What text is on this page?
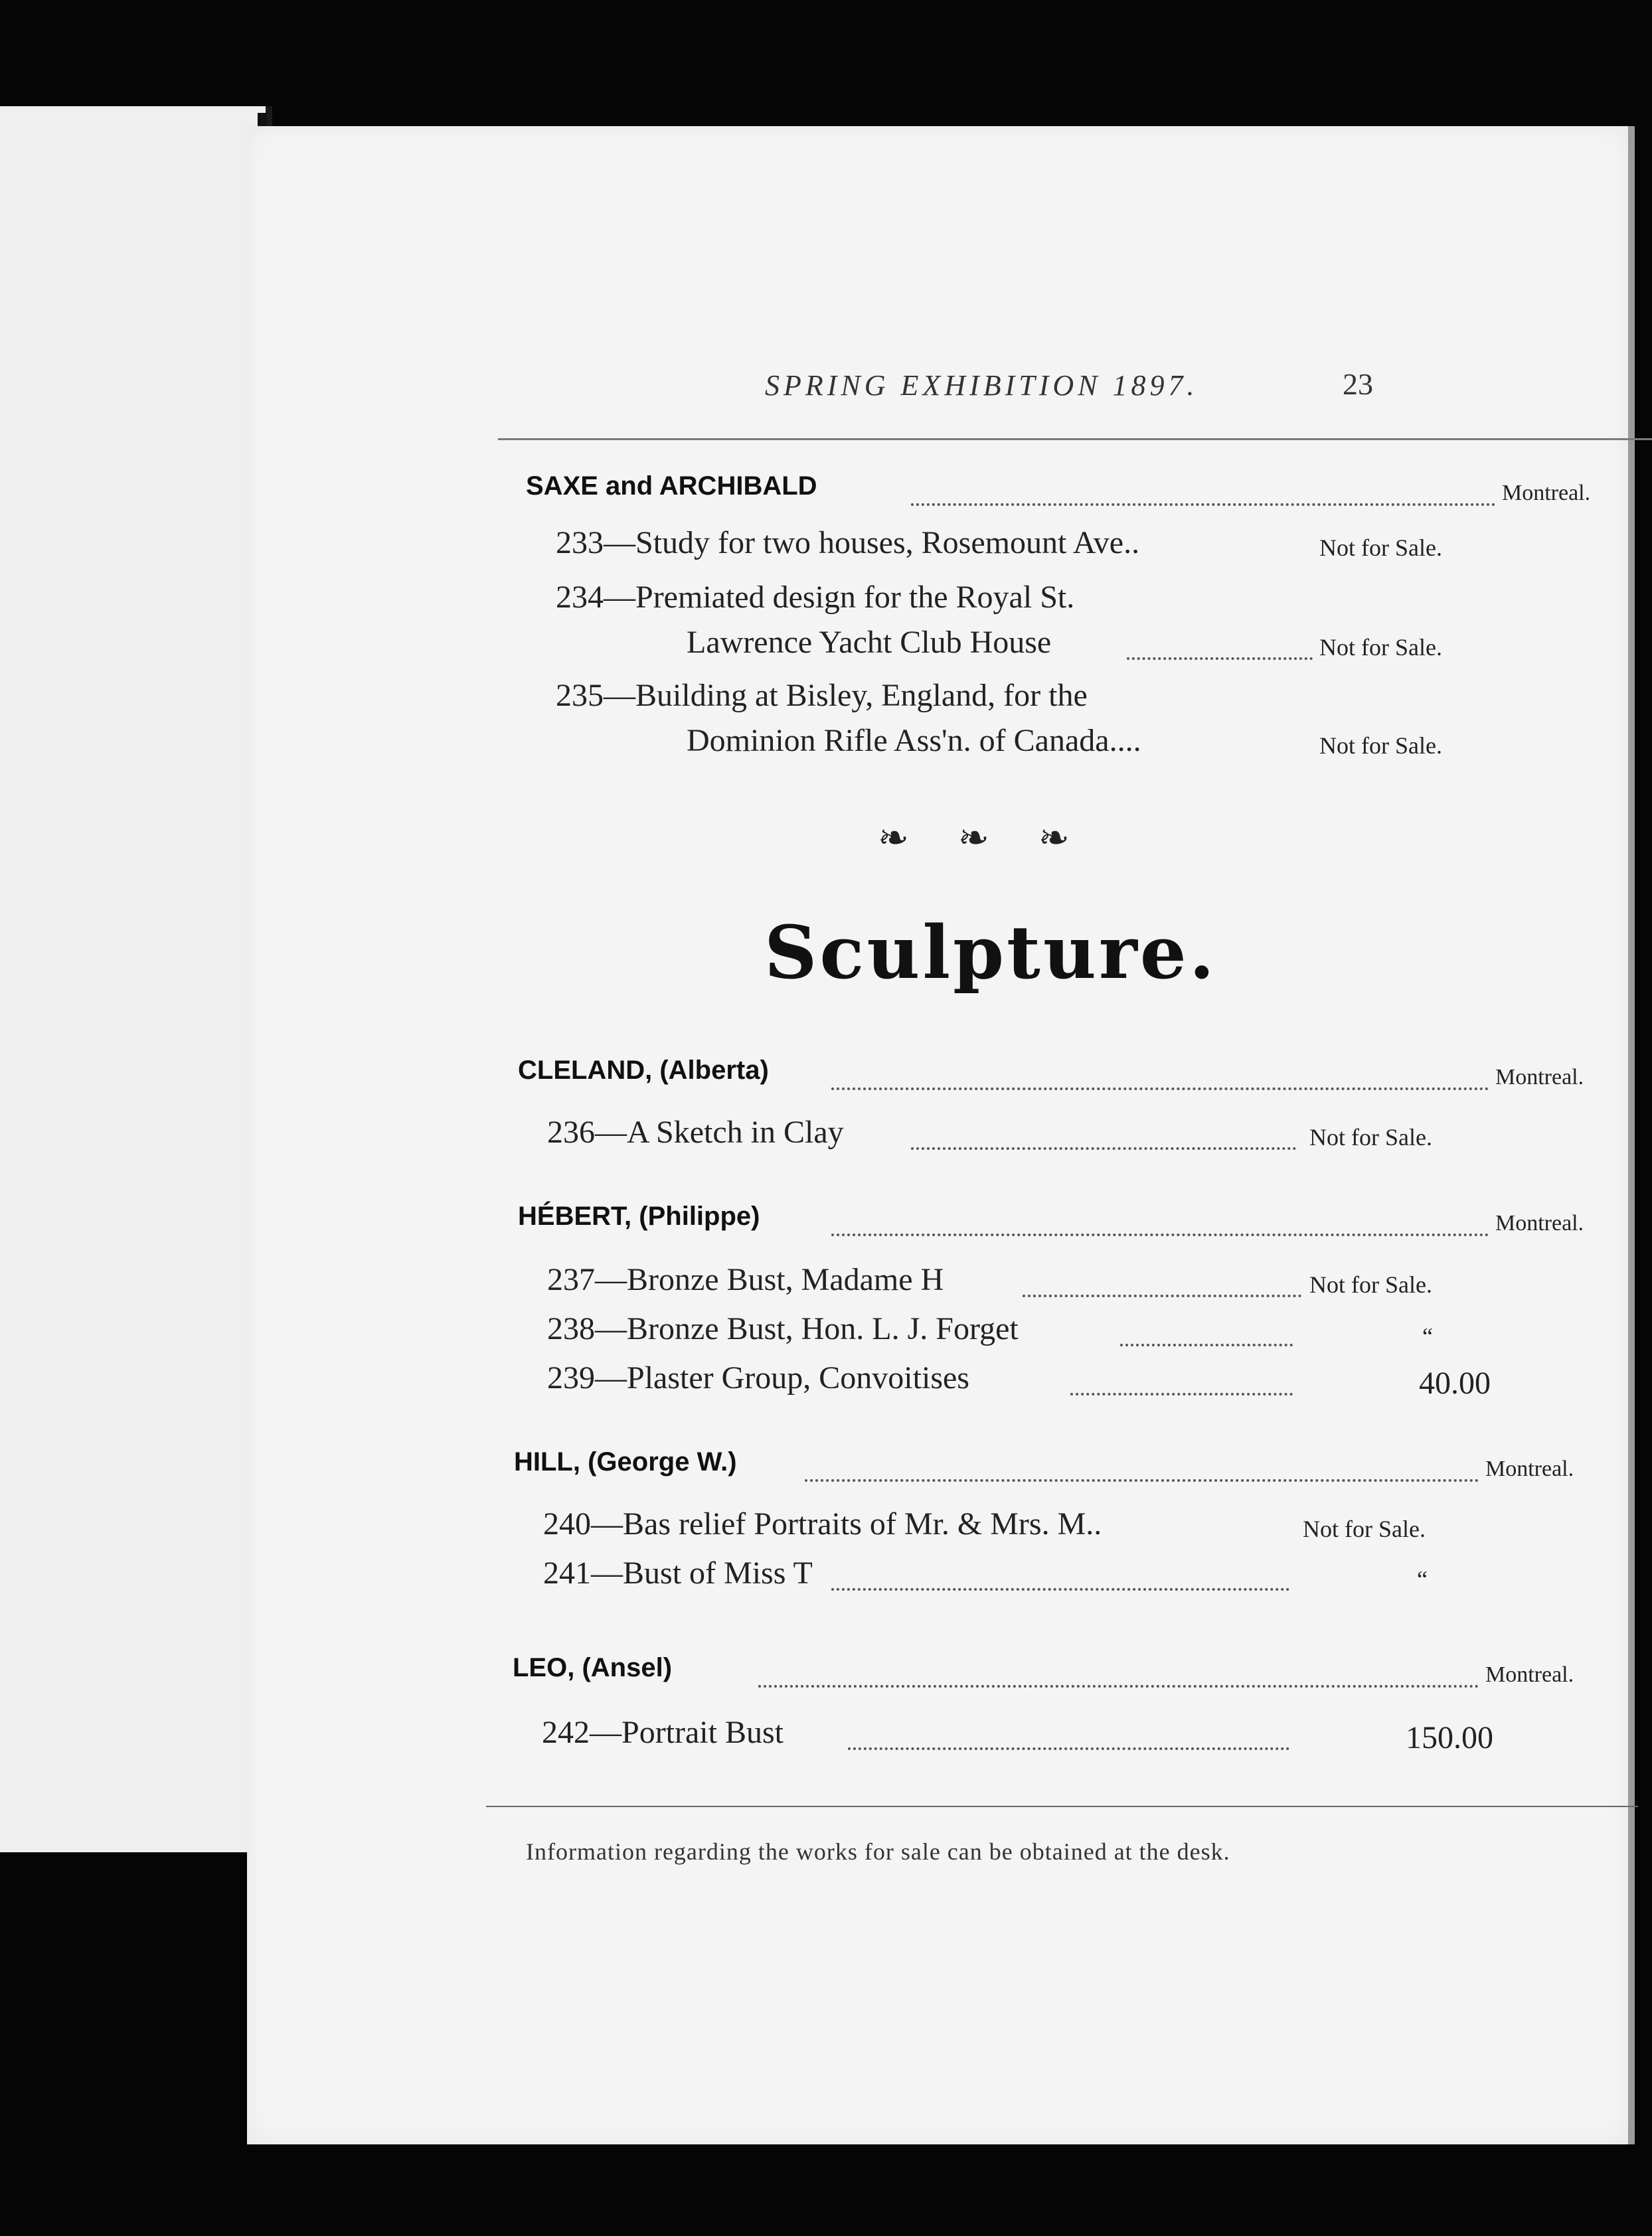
SPRING EXHIBITION 1897.	23
SAXE and ARCHIBALD	Montreal.
233—Study for two houses, Rosemount Ave..	Not for Sale.
234—Premiated design for the Royal St.
Lawrence Yacht Club House	Not for Sale.
235—Building at Bisley, England, for the
Dominion Rifle Ass'n. of Canada....	Not for Sale.
❧ ❧ ❧
Sculpture.
CLELAND, (Alberta)	Montreal.
236—A Sketch in Clay	Not for Sale.
HÉBERT, (Philippe)	Montreal.
237—Bronze Bust, Madame H	Not for Sale.
238—Bronze Bust, Hon. L. J. Forget	“
239—Plaster Group, Convoitises	40.00
HILL, (George W.)	Montreal.
240—Bas relief Portraits of Mr. & Mrs. M..	Not for Sale.
241—Bust of Miss T	“
LEO, (Ansel)	Montreal.
242—Portrait Bust	150.00
Information regarding the works for sale can be obtained at the desk.
